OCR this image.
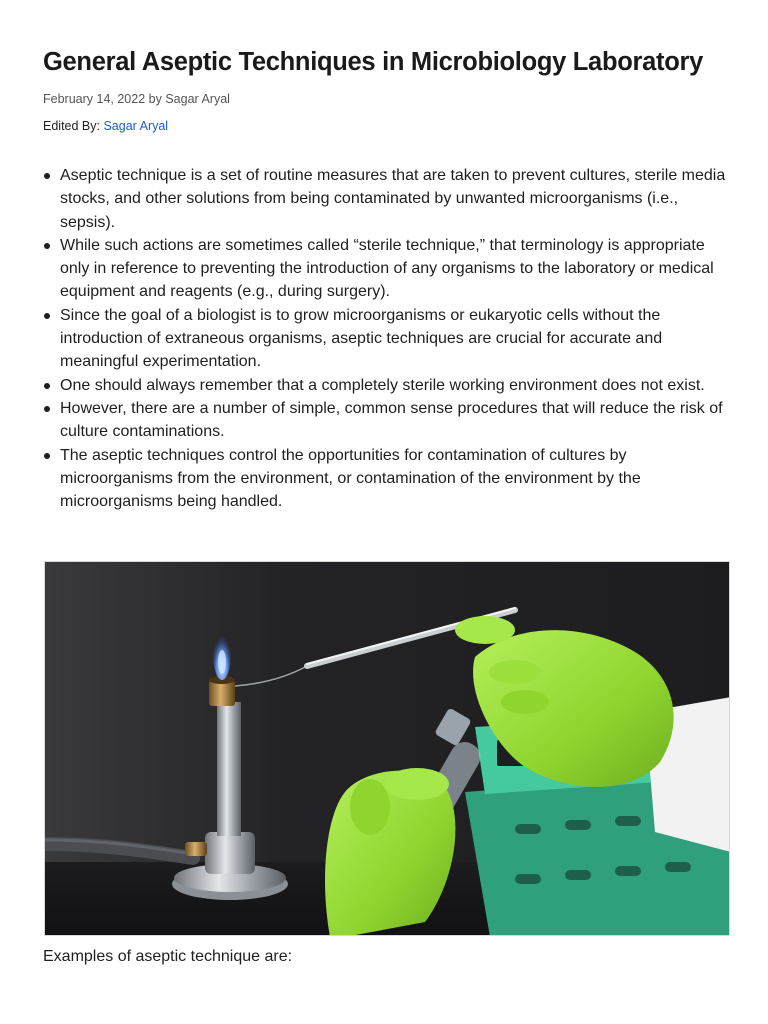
General Aseptic Techniques in Microbiology Laboratory
February 14, 2022 by Sagar Aryal
Edited By: Sagar Aryal
Aseptic technique is a set of routine measures that are taken to prevent cultures, sterile media stocks, and other solutions from being contaminated by unwanted microorganisms (i.e., sepsis).
While such actions are sometimes called “sterile technique,” that terminology is appropriate only in reference to preventing the introduction of any organisms to the laboratory or medical equipment and reagents (e.g., during surgery).
Since the goal of a biologist is to grow microorganisms or eukaryotic cells without the introduction of extraneous organisms, aseptic techniques are crucial for accurate and meaningful experimentation.
One should always remember that a completely sterile working environment does not exist.
However, there are a number of simple, common sense procedures that will reduce the risk of culture contaminations.
The aseptic techniques control the opportunities for contamination of cultures by microorganisms from the environment, or contamination of the environment by the microorganisms being handled.
Examples of aseptic technique are:
